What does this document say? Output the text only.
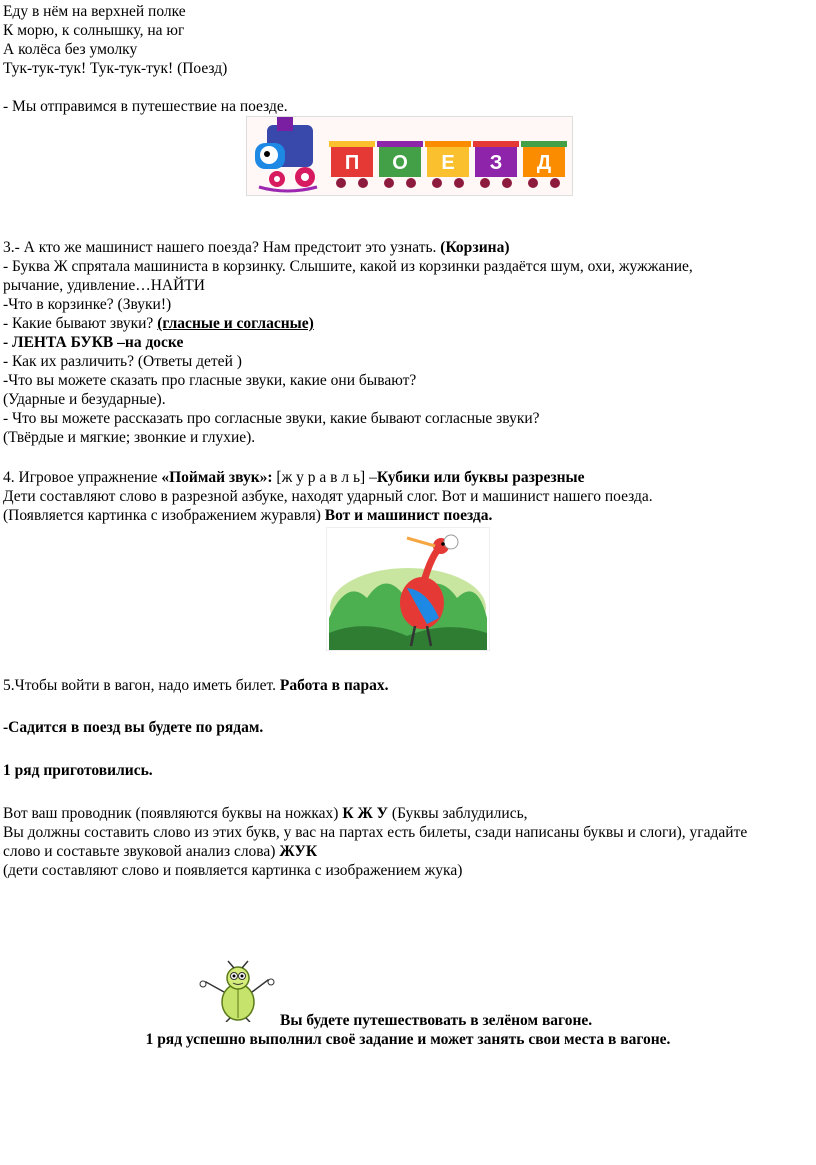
Еду в нём на верхней полке
К морю, к солнышку, на юг
А колёса без умолку
Тук-тук-тук! Тук-тук-тук! (Поезд)
- Мы отправимся в путешествие на поезде.
П О Е З Д
3.- А кто же машинист нашего поезда? Нам предстоит это узнать. (Корзина)
- Буква Ж спрятала машиниста в корзинку. Слышите, какой из корзинки раздаётся шум, охи, жужжание,
рычание, удивление…НАЙТИ
-Что в корзинке? (Звуки!)
- Какие бывают звуки? (гласные и согласные)
- ЛЕНТА БУКВ –на доске
- Как их различить? (Ответы детей )
-Что вы можете сказать про гласные звуки, какие они бывают?
(Ударные и безударные).
- Что вы можете рассказать про согласные звуки, какие бывают согласные звуки?
(Твёрдые и мягкие; звонкие и глухие).
4. Игровое упражнение «Поймай звук»: [ж у р а в л ь] –Кубики или буквы разрезные
Дети составляют слово в разрезной азбуке, находят ударный слог. Вот и машинист нашего поезда.
(Появляется картинка с изображением журавля) Вот и машинист поезда.
5.Чтобы войти в вагон, надо иметь билет. Работа в парах.
-Садится в поезд вы будете по рядам.
1 ряд приготовились.
Вот ваш проводник (появляются буквы на ножках) К Ж У (Буквы заблудились,
Вы должны составить слово из этих букв, у вас на партах есть билеты, сзади написаны буквы и слоги), угадайте
слово и составьте звуковой анализ слова) ЖУК
(дети составляют слово и появляется картинка с изображением жука)
Вы будете путешествовать в зелёном вагоне.
1 ряд успешно выполнил своё задание и может занять свои места в вагоне.
